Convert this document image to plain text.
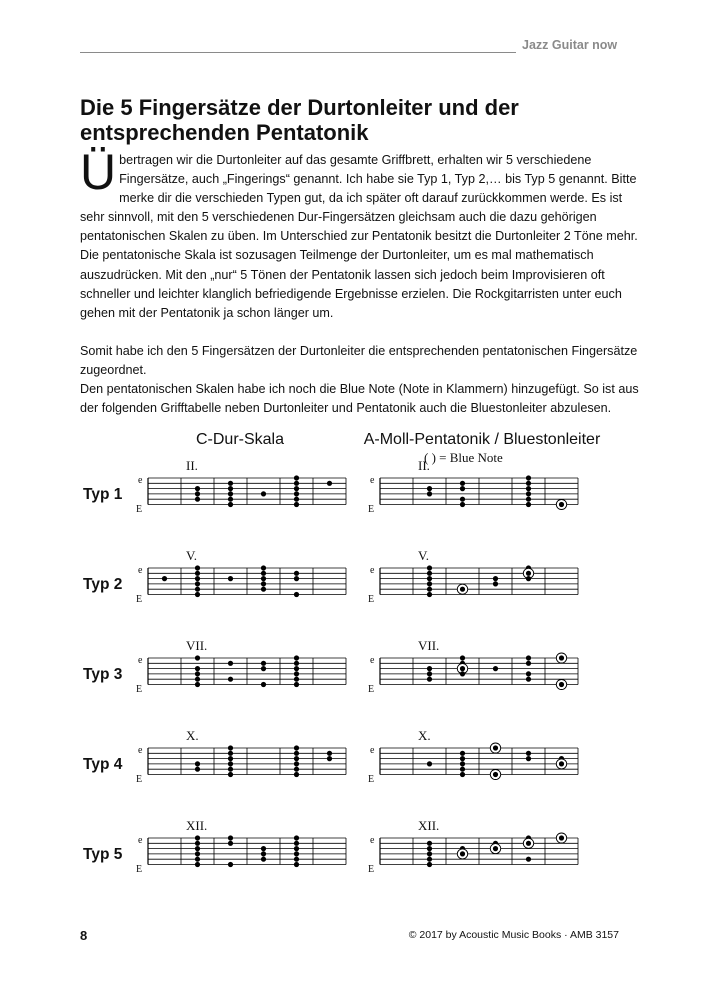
Jazz Guitar now
Die 5 Fingersätze der Durtonleiter und der entsprechenden Pentatonik

Übertragen wir die Durtonleiter auf das gesamte Griffbrett, erhalten wir 5 verschiedene Fingersätze, auch „Fingerings“ genannt. Ich habe sie Typ 1, Typ 2,… bis Typ 5 genannt. Bitte merke dir die verschieden Typen gut, da ich später oft darauf zurückkommen werde. Es ist sehr sinnvoll, mit den 5 verschiedenen Dur-Fingersätzen gleichsam auch die dazu gehörigen pentatonischen Skalen zu üben. Im Unterschied zur Pentatonik besitzt die Durtonleiter 2 Töne mehr. Die pentatonische Skala ist sozusagen Teilmenge der Durtonleiter, um es mal mathematisch auszudrücken. Mit den „nur“ 5 Tönen der Pentatonik lassen sich jedoch beim Improvisieren oft schneller und leichter klanglich befriedigende Ergebnisse erzielen. Die Rockgitarristen unter euch gehen mit der Pentatonik ja schon länger um.

Somit habe ich den 5 Fingersätzen der Durtonleiter die entsprechenden pentatonischen Fingersätze zugeordnet.

Den pentatonischen Skalen habe ich noch die Blue Note (Note in Klammern) hinzugefügt. So ist aus der folgenden Grifftabelle neben Durtonleiter und Pentatonik auch die Bluestonleiter abzulesen.

C-Dur-Skala	A-Moll-Pentatonik / Bluestonleiter
( ) = Blue Note
Typ 1
II.
e
E
II.
e
E
Typ 2
V.
e
E
V.
e
E
Typ 3
VII.
e
E
VII.
e
E
Typ 4
X.
e
E
X.
e
E
Typ 5
XII.
e
E
XII.
e
E
8	© 2017 by Acoustic Music Books · AMB 3157
